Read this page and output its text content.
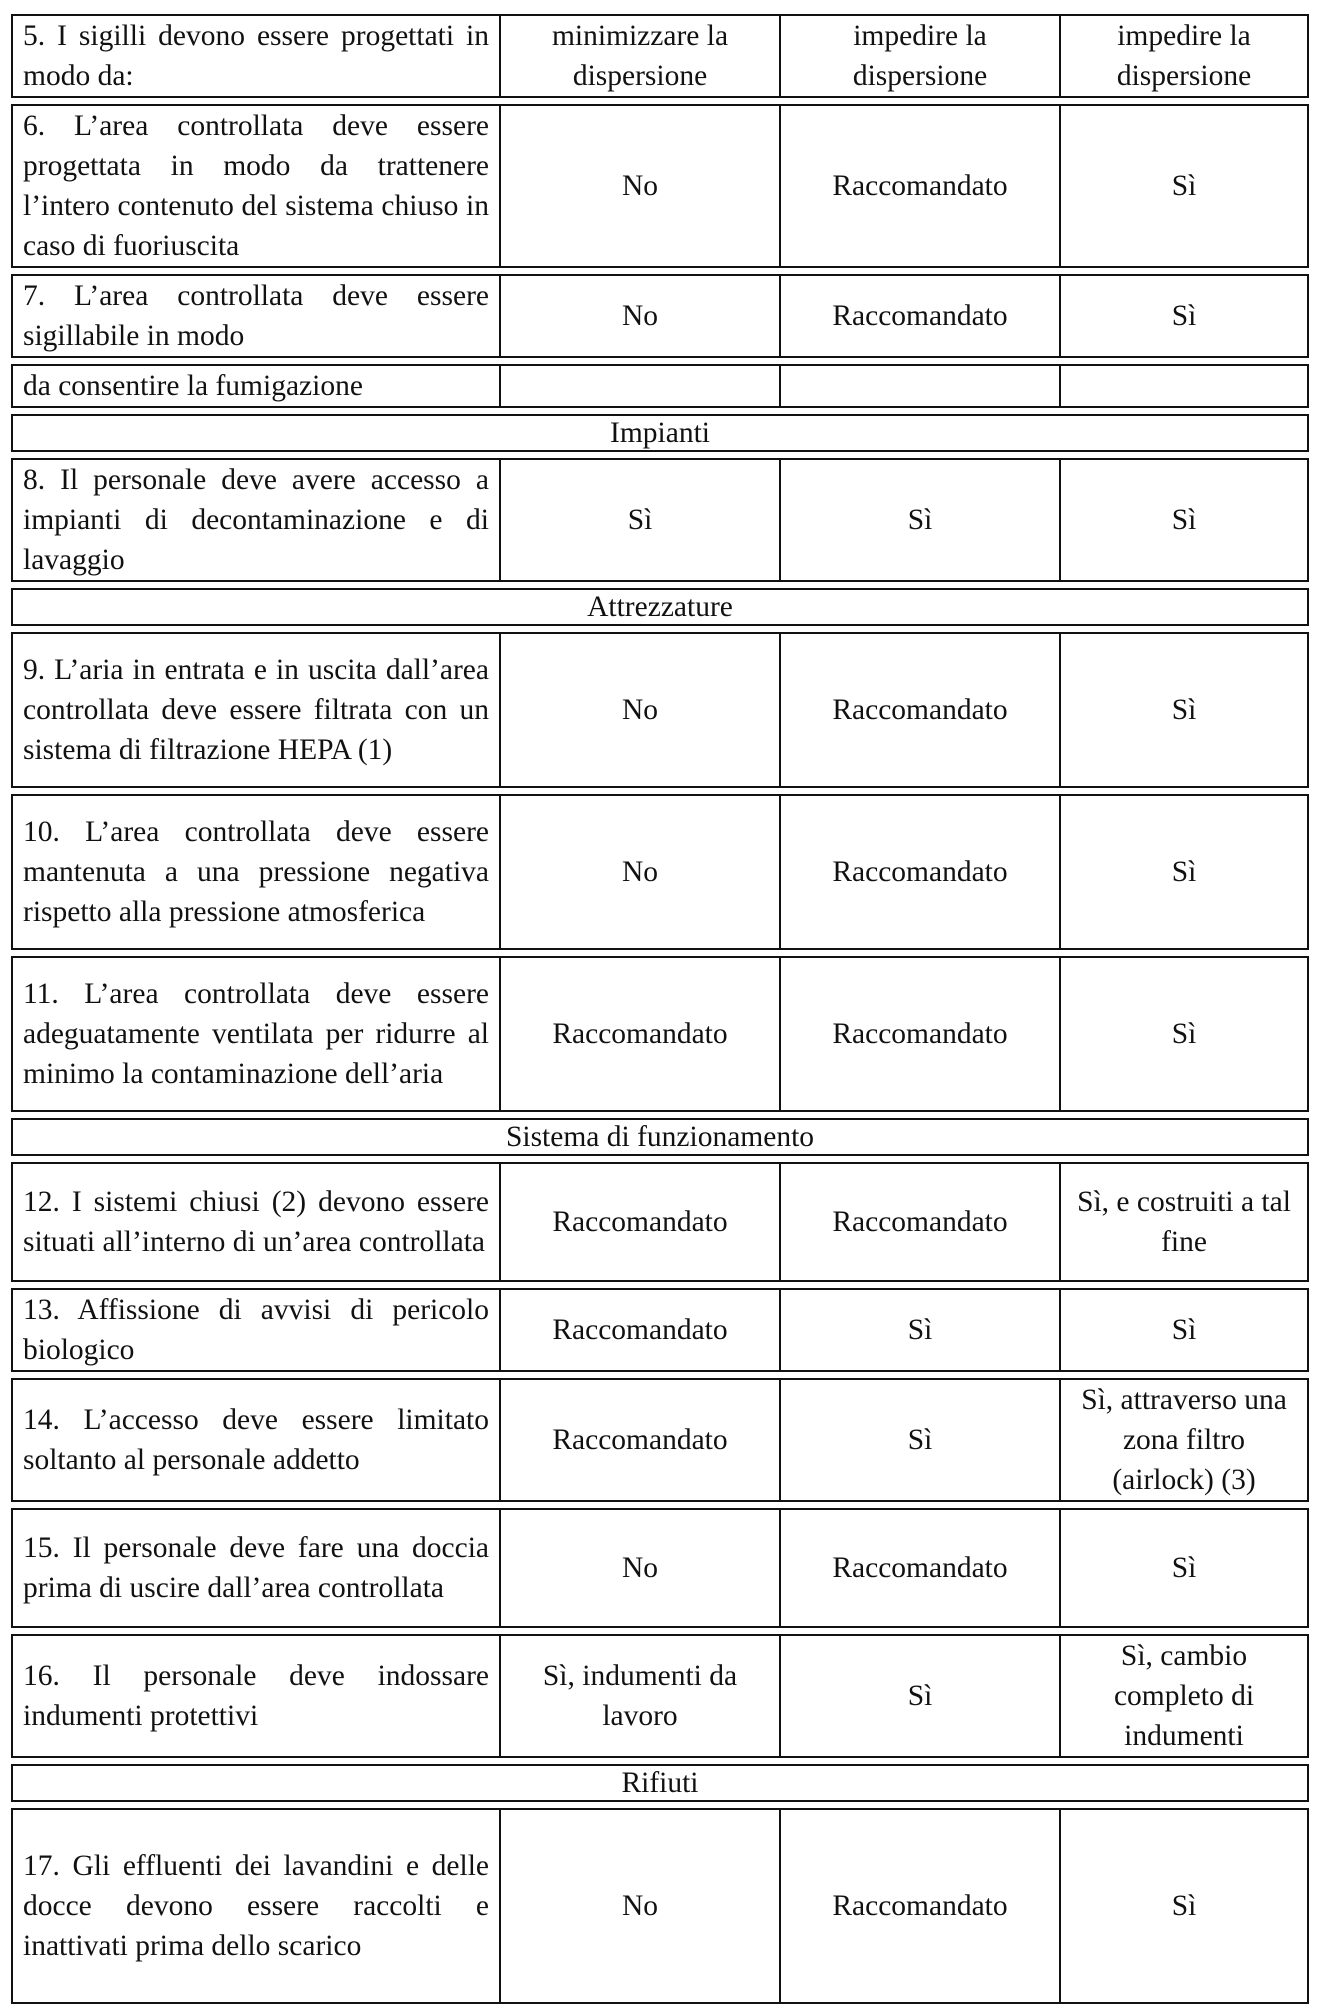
5. I sigilli devono essere progettati in modo da:	minimizzare la dispersione	impedire la dispersione	impedire la dispersione
6. L’area controllata deve essere progettata in modo da trattenere l’intero contenuto del sistema chiuso in caso di fuoriuscita	No	Raccomandato	Sì
7. L’area controllata deve essere sigillabile in modo	No	Raccomandato	Sì
da consentire la fumigazione			
Impianti			
8. Il personale deve avere accesso a impianti di decontaminazione e di lavaggio	Sì	Sì	Sì
Attrezzature			
9. L’aria in entrata e in uscita dall’area controllata deve essere filtrata con un sistema di filtrazione HEPA (1)	No	Raccomandato	Sì
10. L’area controllata deve essere mantenuta a una pressione negativa rispetto alla pressione atmosferica	No	Raccomandato	Sì
11. L’area controllata deve essere adeguatamente ventilata per ridurre al minimo la contaminazione dell’aria	Raccomandato	Raccomandato	Sì
Sistema di funzionamento			
12. I sistemi chiusi (2) devono essere situati all’interno di un’area controllata	Raccomandato	Raccomandato	Sì, e costruiti a tal fine
13. Affissione di avvisi di pericolo biologico	Raccomandato	Sì	Sì
14. L’accesso deve essere limitato soltanto al personale addetto	Raccomandato	Sì	Sì, attraverso una zona filtro (airlock) (3)
15. Il personale deve fare una doccia prima di uscire dall’area controllata	No	Raccomandato	Sì
16. Il personale deve indossare indumenti protettivi	Sì, indumenti da lavoro	Sì	Sì, cambio completo di indumenti
Rifiuti			
17. Gli effluenti dei lavandini e delle docce devono essere raccolti e inattivati prima dello scarico	No	Raccomandato	Sì
